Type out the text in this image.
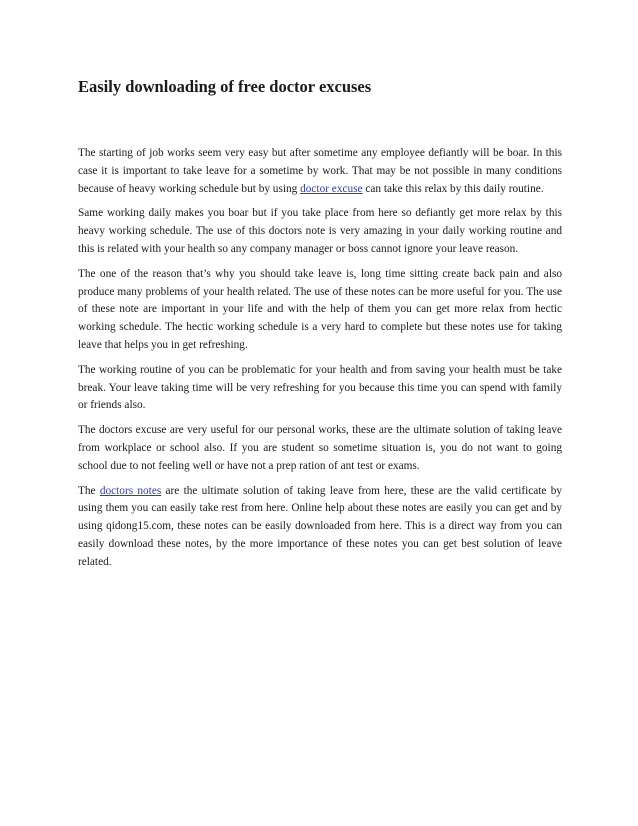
Easily downloading of free doctor excuses

The starting of job works seem very easy but after sometime any employee defiantly will be boar. In this case it is important to take leave for a sometime by work. That may be not possible in many conditions because of heavy working schedule but by using doctor excuse can take this relax by this daily routine.

Same working daily makes you boar but if you take place from here so defiantly get more relax by this heavy working schedule. The use of this doctors note is very amazing in your daily working routine and this is related with your health so any company manager or boss cannot ignore your leave reason.

The one of the reason that’s why you should take leave is, long time sitting create back pain and also produce many problems of your health related. The use of these notes can be more useful for you. The use of these note are important in your life and with the help of them you can get more relax from hectic working schedule. The hectic working schedule is a very hard to complete but these notes use for taking leave that helps you in get refreshing.

The working routine of you can be problematic for your health and from saving your health must be take break. Your leave taking time will be very refreshing for you because this time you can spend with family or friends also.

The doctors excuse are very useful for our personal works, these are the ultimate solution of taking leave from workplace or school also. If you are student so sometime situation is, you do not want to going school due to not feeling well or have not a prep ration of ant test or exams.

The doctors notes are the ultimate solution of taking leave from here, these are the valid certificate by using them you can easily take rest from here. Online help about these notes are easily you can get and by using qidong15.com, these notes can be easily downloaded from here. This is a direct way from you can easily download these notes, by the more importance of these notes you can get best solution of leave related.
